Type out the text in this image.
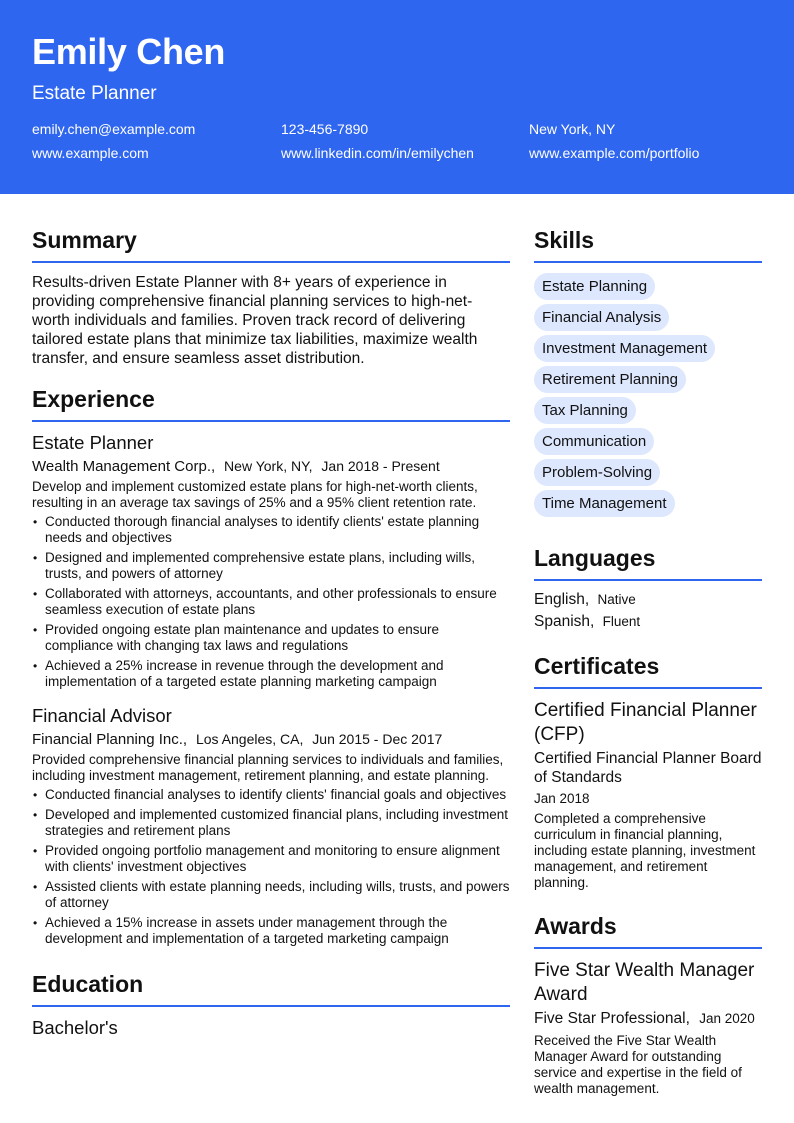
Emily Chen
Estate Planner
emily.chen@example.com	123-456-7890	New York, NY
www.example.com	www.linkedin.com/in/emilychen	www.example.com/portfolio
Summary
Results-driven Estate Planner with 8+ years of experience in providing comprehensive financial planning services to high-net-worth individuals and families. Proven track record of delivering tailored estate plans that minimize tax liabilities, maximize wealth transfer, and ensure seamless asset distribution.
Experience
Estate Planner
Wealth Management Corp., New York, NY, Jan 2018 - Present
Develop and implement customized estate plans for high-net-worth clients, resulting in an average tax savings of 25% and a 95% client retention rate.
• Conducted thorough financial analyses to identify clients' estate planning needs and objectives
• Designed and implemented comprehensive estate plans, including wills, trusts, and powers of attorney
• Collaborated with attorneys, accountants, and other professionals to ensure seamless execution of estate plans
• Provided ongoing estate plan maintenance and updates to ensure compliance with changing tax laws and regulations
• Achieved a 25% increase in revenue through the development and implementation of a targeted estate planning marketing campaign
Financial Advisor
Financial Planning Inc., Los Angeles, CA, Jun 2015 - Dec 2017
Provided comprehensive financial planning services to individuals and families, including investment management, retirement planning, and estate planning.
• Conducted financial analyses to identify clients' financial goals and objectives
• Developed and implemented customized financial plans, including investment strategies and retirement plans
• Provided ongoing portfolio management and monitoring to ensure alignment with clients' investment objectives
• Assisted clients with estate planning needs, including wills, trusts, and powers of attorney
• Achieved a 15% increase in assets under management through the development and implementation of a targeted marketing campaign
Education
Bachelor's
Skills
Estate Planning
Financial Analysis
Investment Management
Retirement Planning
Tax Planning
Communication
Problem-Solving
Time Management
Languages
English, Native
Spanish, Fluent
Certificates
Certified Financial Planner (CFP)
Certified Financial Planner Board of Standards
Jan 2018
Completed a comprehensive curriculum in financial planning, including estate planning, investment management, and retirement planning.
Awards
Five Star Wealth Manager Award
Five Star Professional, Jan 2020
Received the Five Star Wealth Manager Award for outstanding service and expertise in the field of wealth management.
